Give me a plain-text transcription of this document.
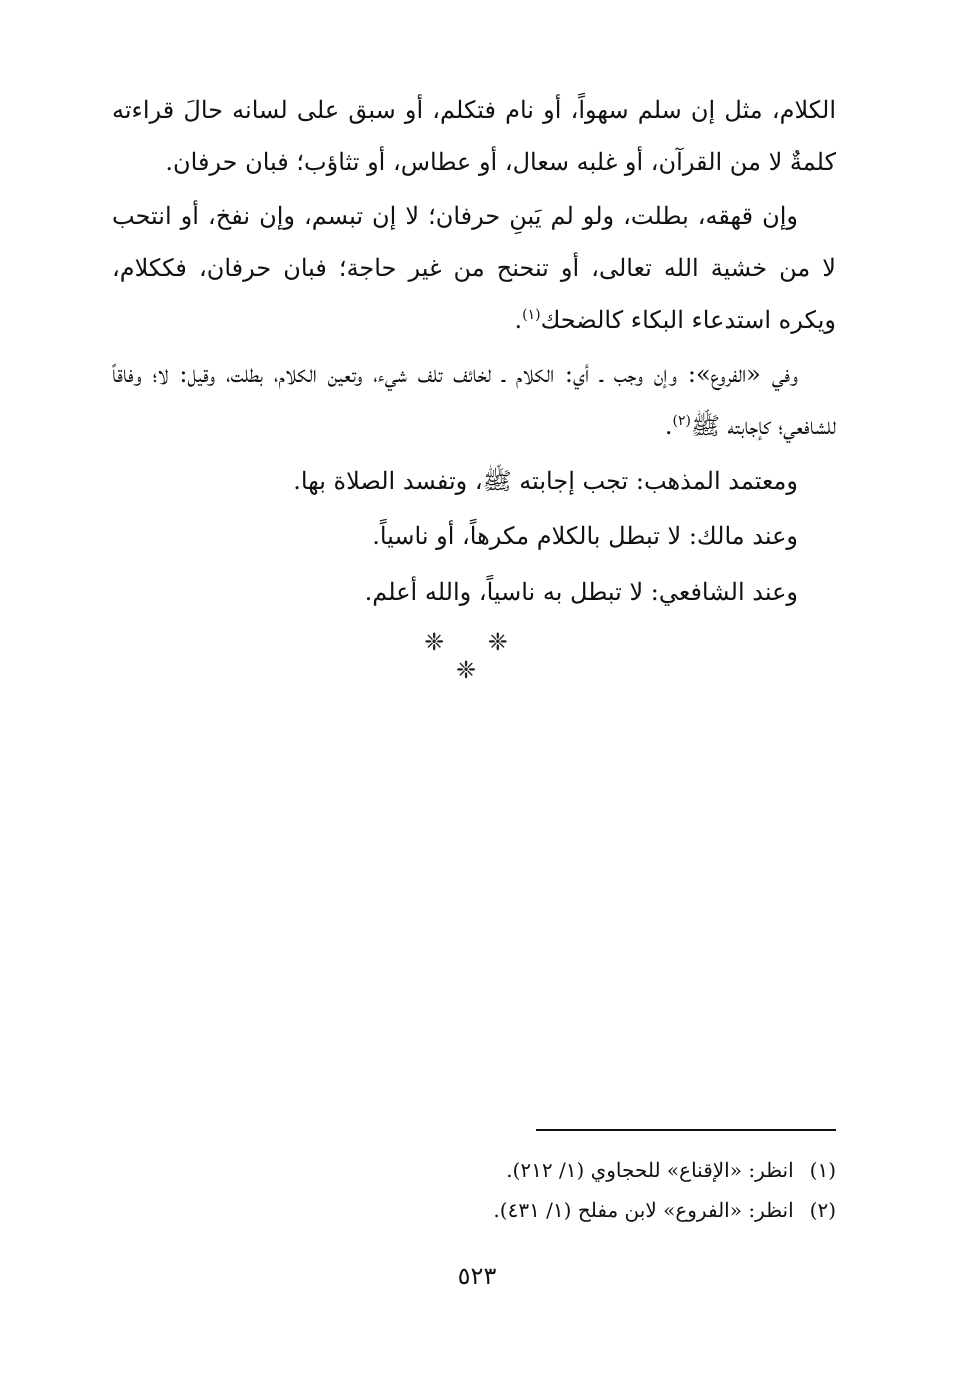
الكلام، مثل إن سلم سهواً، أو نام فتكلم، أو سبق على لسانه حالَ قراءته كلمةٌ لا من القرآن، أو غلبه سعال، أو عطاس، أو تثاؤب؛ فبان حرفان.

وإن قهقه، بطلت، ولو لم يَبنِ حرفان؛ لا إن تبسم، وإن نفخ، أو انتحب لا من خشية الله تعالى، أو تنحنح من غير حاجة؛ فبان حرفان، فككلام، ويكره استدعاء البكاء كالضحك$^{(١)}$.

وفي «الفروع»: وإن وجب ـ أي: الكلام ـ لخائف تلف شيء، وتعين الكلام، بطلت، وقيل: لا؛ وفاقاً للشافعي؛ كإجابته ﷺ$^{(٢)}$.

ومعتمد المذهب: تجب إجابته ﷺ، وتفسد الصلاة بها.

وعند مالك: لا تبطل بالكلام مكرهاً، أو ناسياً.

وعند الشافعي: لا تبطل به ناسياً، والله أعلم.

❈ ❈ ❈

(١) انظر: «الإقناع» للحجاوي (١/ ٢١٢).

(٢) انظر: «الفروع» لابن مفلح (١/ ٤٣١).

٥٢٣
